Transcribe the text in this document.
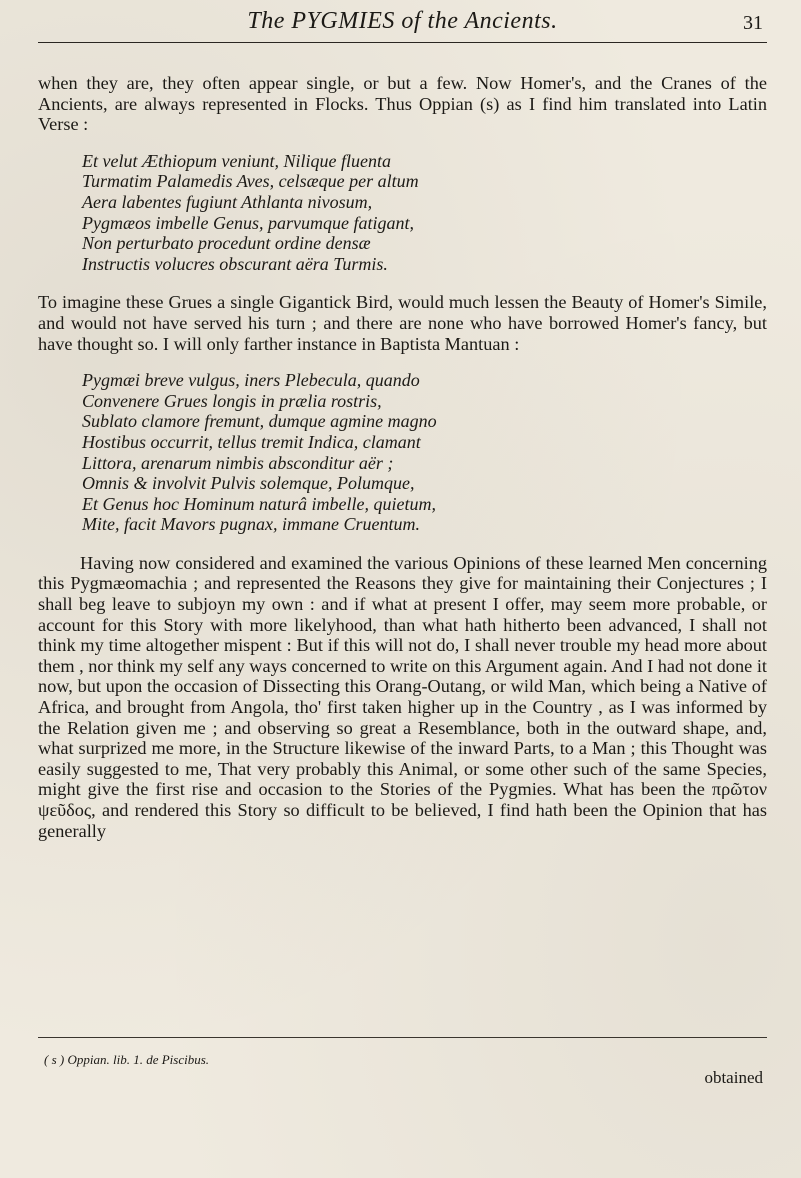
The PYGMIES of the Ancients.	31

when they are, they often appear single, or but a few. Now Homer's, and the Cranes of the Ancients, are always represented in Flocks. Thus Oppian (s) as I find him translated into Latin Verse :

Et velut Æthiopum veniunt, Nilique fluenta
Turmatim Palamedis Aves, celsæque per altum
Aera labentes fugiunt Athlanta nivosum,
Pygmæos imbelle Genus, parvumque fatigant,
Non perturbato procedunt ordine densæ
Instructis volucres obscurant aëra Turmis.

To imagine these Grues a single Gigantick Bird, would much lessen the Beauty of Homer's Simile, and would not have served his turn ; and there are none who have borrowed Homer's fancy, but have thought so. I will only farther instance in Baptista Mantuan :

Pygmæi breve vulgus, iners Plebecula, quando
Convenere Grues longis in prælia rostris,
Sublato clamore fremunt, dumque agmine magno
Hostibus occurrit, tellus tremit Indica, clamant
Littora, arenarum nimbis absconditur aër ;
Omnis & involvit Pulvis solemque, Polumque,
Et Genus hoc Hominum naturâ imbelle, quietum,
Mite, facit Mavors pugnax, immane Cruentum.

Having now considered and examined the various Opinions of these learned Men concerning this Pygmæomachia ; and represented the Reasons they give for maintaining their Conjectures ; I shall beg leave to subjoyn my own : and if what at present I offer, may seem more probable, or account for this Story with more likelyhood, than what hath hitherto been advanced, I shall not think my time altogether mispent : But if this will not do, I shall never trouble my head more about them , nor think my self any ways concerned to write on this Argument again. And I had not done it now, but upon the occasion of Dissecting this Orang-Outang, or wild Man, which being a Native of Africa, and brought from Angola, tho' first taken higher up in the Country , as I was informed by the Relation given me ; and observing so great a Resemblance, both in the outward shape, and, what surprized me more, in the Structure likewise of the inward Parts, to a Man ; this Thought was easily suggested to me, That very probably this Animal, or some other such of the same Species, might give the first rise and occasion to the Stories of the Pygmies. What has been the πρῶτον ψεῦδος, and rendered this Story so difficult to be believed, I find hath been the Opinion that has generally

( s ) Oppian. lib. 1. de Piscibus.
obtained
